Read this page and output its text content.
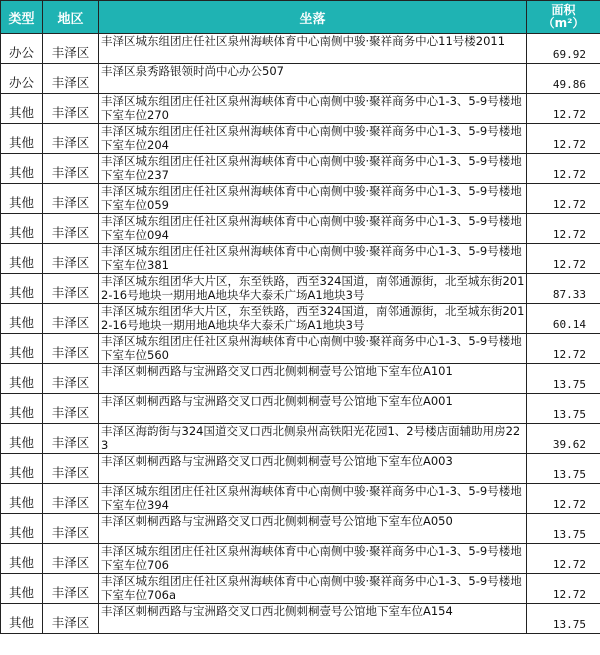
类型	地区	坐落	面积
（m²）
办公	丰泽区	丰泽区城东组团庄任社区泉州海峡体育中心南侧中骏·聚祥商务中心11号楼2011	69.92
办公	丰泽区	丰泽区泉秀路银领时尚中心办公507	49.86
其他	丰泽区	丰泽区城东组团庄任社区泉州海峡体育中心南侧中骏·聚祥商务中心1-3、5-9号楼地下室车位270	12.72
其他	丰泽区	丰泽区城东组团庄任社区泉州海峡体育中心南侧中骏·聚祥商务中心1-3、5-9号楼地下室车位204	12.72
其他	丰泽区	丰泽区城东组团庄任社区泉州海峡体育中心南侧中骏·聚祥商务中心1-3、5-9号楼地下室车位237	12.72
其他	丰泽区	丰泽区城东组团庄任社区泉州海峡体育中心南侧中骏·聚祥商务中心1-3、5-9号楼地下室车位059	12.72
其他	丰泽区	丰泽区城东组团庄任社区泉州海峡体育中心南侧中骏·聚祥商务中心1-3、5-9号楼地下室车位094	12.72
其他	丰泽区	丰泽区城东组团庄任社区泉州海峡体育中心南侧中骏·聚祥商务中心1-3、5-9号楼地下室车位381	12.72
其他	丰泽区	丰泽区城东组团华大片区，东至铁路，西至324国道，南邻通源街，北至城东街2012-16号地块一期用地A地块华大泰禾广场A1地块3号	87.33
其他	丰泽区	丰泽区城东组团华大片区，东至铁路，西至324国道，南邻通源街，北至城东街2012-16号地块一期用地A地块华大泰禾广场A1地块3号	60.14
其他	丰泽区	丰泽区城东组团庄任社区泉州海峡体育中心南侧中骏·聚祥商务中心1-3、5-9号楼地下室车位560	12.72
其他	丰泽区	丰泽区刺桐西路与宝洲路交叉口西北侧刺桐壹号公馆地下室车位A101	13.75
其他	丰泽区	丰泽区刺桐西路与宝洲路交叉口西北侧刺桐壹号公馆地下室车位A001	13.75
其他	丰泽区	丰泽区海韵街与324国道交叉口西北侧泉州高铁阳光花园1、2号楼店面辅助用房223	39.62
其他	丰泽区	丰泽区刺桐西路与宝洲路交叉口西北侧刺桐壹号公馆地下室车位A003	13.75
其他	丰泽区	丰泽区城东组团庄任社区泉州海峡体育中心南侧中骏·聚祥商务中心1-3、5-9号楼地下室车位394	12.72
其他	丰泽区	丰泽区刺桐西路与宝洲路交叉口西北侧刺桐壹号公馆地下室车位A050	13.75
其他	丰泽区	丰泽区城东组团庄任社区泉州海峡体育中心南侧中骏·聚祥商务中心1-3、5-9号楼地下室车位706	12.72
其他	丰泽区	丰泽区城东组团庄任社区泉州海峡体育中心南侧中骏·聚祥商务中心1-3、5-9号楼地下室车位706a	12.72
其他	丰泽区	丰泽区刺桐西路与宝洲路交叉口西北侧刺桐壹号公馆地下室车位A154	13.75
